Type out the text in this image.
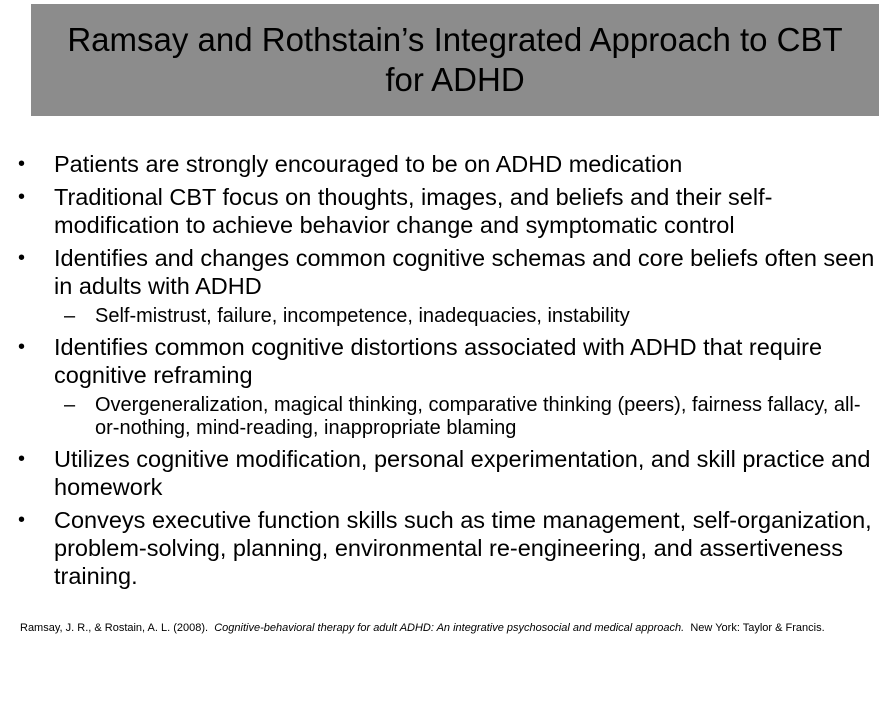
Ramsay and Rothstain’s Integrated Approach to CBT for ADHD
•	Patients are strongly encouraged to be on ADHD medication
•	Traditional CBT focus on thoughts, images, and beliefs and their self-modification to achieve behavior change and symptomatic control
•	Identifies and changes common cognitive schemas and core beliefs often seen in adults with ADHD
– Self-mistrust, failure, incompetence, inadequacies, instability
•	Identifies common cognitive distortions associated with ADHD that require cognitive reframing
– Overgeneralization, magical thinking, comparative thinking (peers), fairness fallacy, all-or-nothing, mind-reading, inappropriate blaming
•	Utilizes cognitive modification, personal experimentation, and skill practice and homework
•	Conveys executive function skills such as time management, self-organization, problem-solving, planning, environmental re-engineering, and assertiveness training.
Ramsay, J. R., & Rostain, A. L. (2008). Cognitive-behavioral therapy for adult ADHD: An integrative psychosocial and medical approach. New York: Taylor & Francis.
